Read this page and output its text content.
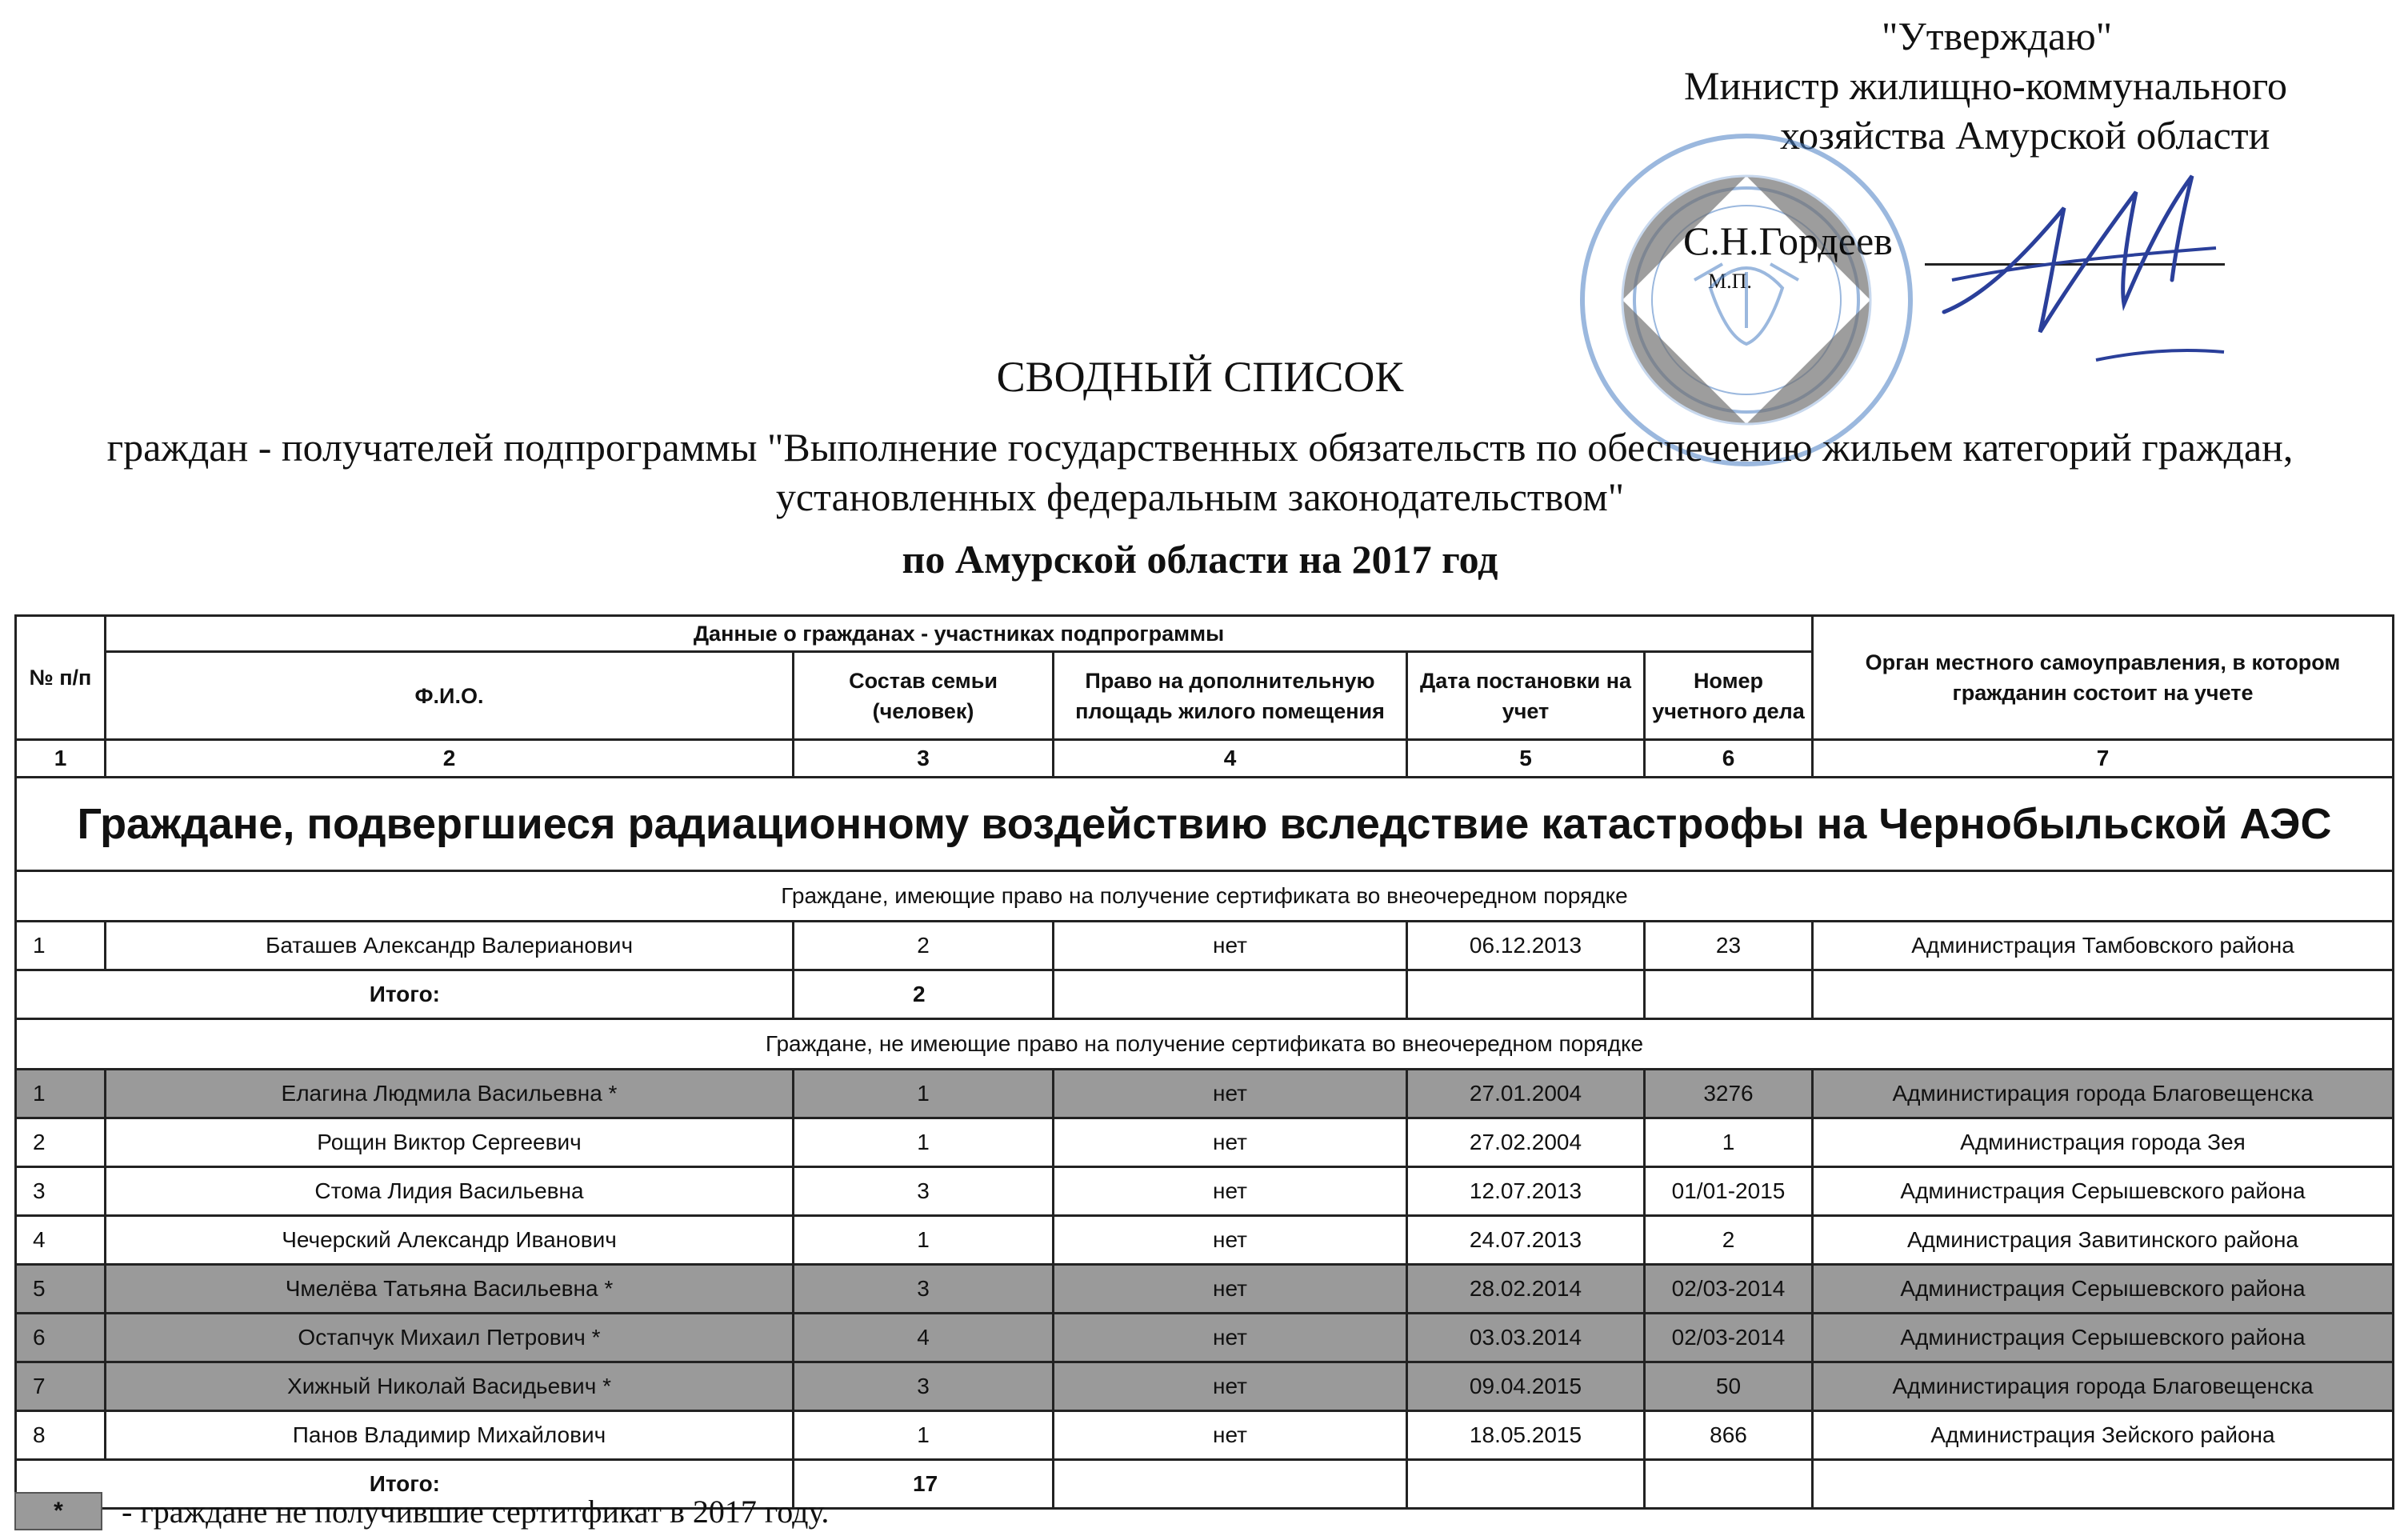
"Утверждаю"
Министр жилищно-коммунального
хозяйства Амурской области
С.Н.Гордеев
М.П.
СВОДНЫЙ СПИСОК
граждан - получателей подпрограммы "Выполнение государственных обязательств по обеспечению жильем категорий граждан, установленных федеральным законодательством"
по Амурской области на 2017 год
№ п/п	Данные о гражданах - участниках подпрограммы					Орган местного самоуправления, в котором гражданин состоит на учете
	Ф.И.О.	Состав семьи (человек)	Право на дополнительную площадь жилого помещения	Дата постановки на учет	Номер учетного дела	
1	2	3	4	5	6	7
Граждане, подвергшиеся радиационному воздействию вследствие катастрофы на Чернобыльской АЭС						
Граждане, имеющие право на получение сертификата во внеочередном порядке						
1	Баташев Александр Валерианович	2	нет	06.12.2013	23	Администрация Тамбовского района
Итого:		2				
Граждане, не имеющие право на получение сертификата во внеочередном порядке						
1	Елагина Людмила Васильевна *	1	нет	27.01.2004	3276	Администирация города Благовещенска
2	Рощин Виктор Сергеевич	1	нет	27.02.2004	1	Администрация города Зея
3	Стома Лидия Васильевна	3	нет	12.07.2013	01/01-2015	Администрация Серышевского района
4	Чечерский Александр Иванович	1	нет	24.07.2013	2	Администрация Завитинского района
5	Чмелёва Татьяна Васильевна *	3	нет	28.02.2014	02/03-2014	Администрация Серышевского района
6	Остапчук Михаил Петрович *	4	нет	03.03.2014	02/03-2014	Администрация Серышевского района
7	Хижный Николай Васидьевич *	3	нет	09.04.2015	50	Администирация города Благовещенска
8	Панов Владимир Михайлович	1	нет	18.05.2015	866	Администрация Зейского района
Итого:		17				
*	- граждане не получившие сертитфикат в 2017 году.
